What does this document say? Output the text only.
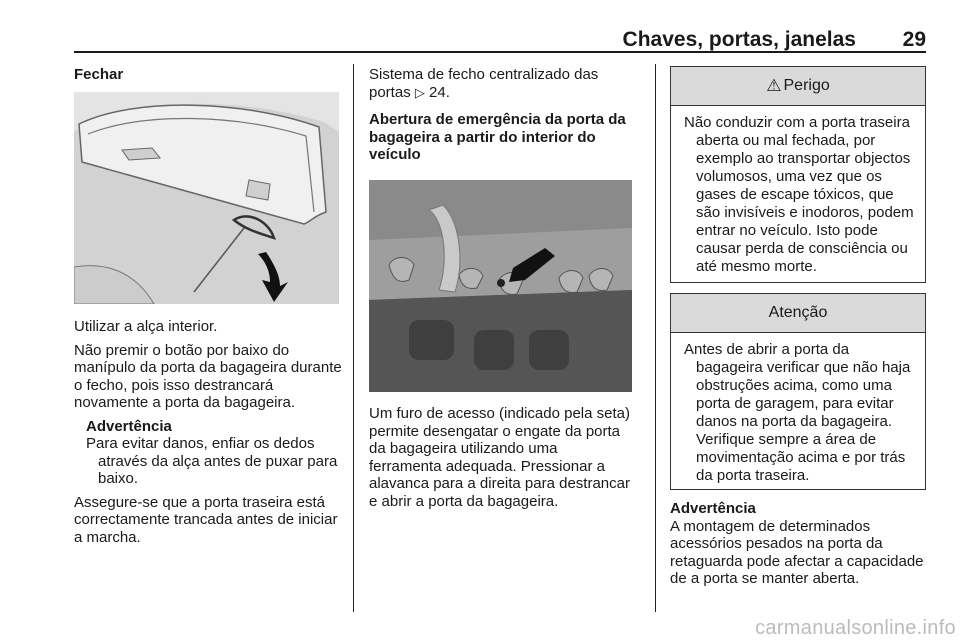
Chaves, portas, janelas 29
Fechar

Utilizar a alça interior.

Não premir o botão por baixo do manípulo da porta da bagageira durante o fecho, pois isso destrancará novamente a porta da bagageira.

Advertência
Para evitar danos, enfiar os dedos através da alça antes de puxar para baixo.

Assegure-se que a porta traseira está correctamente trancada antes de iniciar a marcha.

Sistema de fecho centralizado das portas ▷ 24.

Abertura de emergência da porta da bagageira a partir do interior do veículo

Um furo de acesso (indicado pela seta) permite desengatar o engate da porta da bagageira utilizando uma ferramenta adequada. Pressionar a alavanca para a direita para destrancar e abrir a porta da bagageira.

⚠ Perigo
Não conduzir com a porta traseira aberta ou mal fechada, por exemplo ao transportar objectos volumosos, uma vez que os gases de escape tóxicos, que são invisíveis e inodoros, podem entrar no veículo. Isto pode causar perda de consciência ou até mesmo morte.
Atenção
Antes de abrir a porta da bagageira verificar que não haja obstruções acima, como uma porta de garagem, para evitar danos na porta da bagageira. Verifique sempre a área de movimentação acima e por trás da porta traseira.
Advertência
A montagem de determinados acessórios pesados na porta da retaguarda pode afectar a capacidade de a porta se manter aberta.
carmanualsonline.info
